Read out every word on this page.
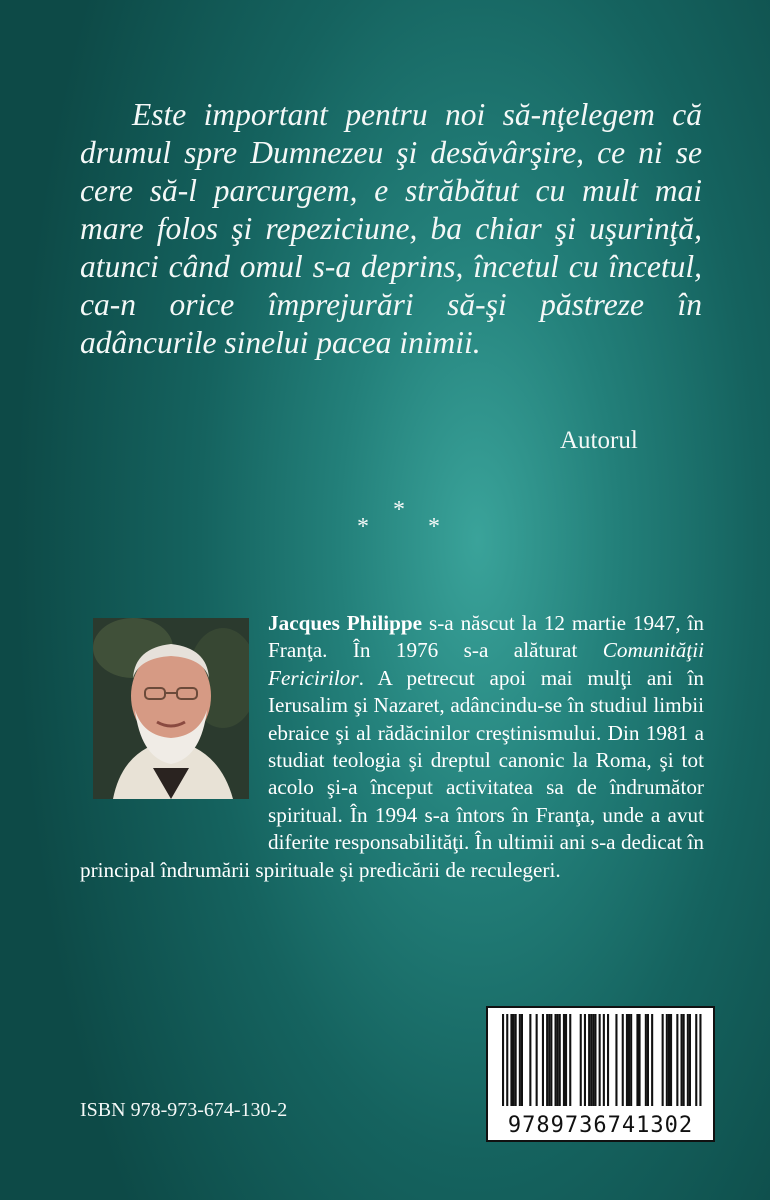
Este important pentru noi să-nţelegem că drumul spre Dumnezeu şi desăvârşire, ce ni se cere să-l parcurgem, e străbătut cu mult mai mare folos şi repeziciune, ba chiar şi uşurinţă, atunci când omul s-a deprins, încetul cu încetul, ca-n orice împrejurări să-şi păstreze în adâncurile sinelui pacea inimii.

Autorul
*
*
*

Jacques Philippe s-a născut la 12 martie 1947, în Franţa. În 1976 s-a alăturat Comunităţii Fericirilor. A petrecut apoi mai mulţi ani în Ierusalim şi Nazaret, adâncindu-se în studiul limbii ebraice şi al rădăcinilor creştinismului. Din 1981 a studiat teologia şi dreptul canonic la Roma, şi tot acolo şi-a început activitatea sa de îndrumător spiritual. În 1994 s-a întors în Franţa, unde a avut diferite responsabilităţi. În ultimii ani s-a dedicat în principal îndrumării spirituale şi predicării de reculegeri.

9789736741302
ISBN 978-973-674-130-2
